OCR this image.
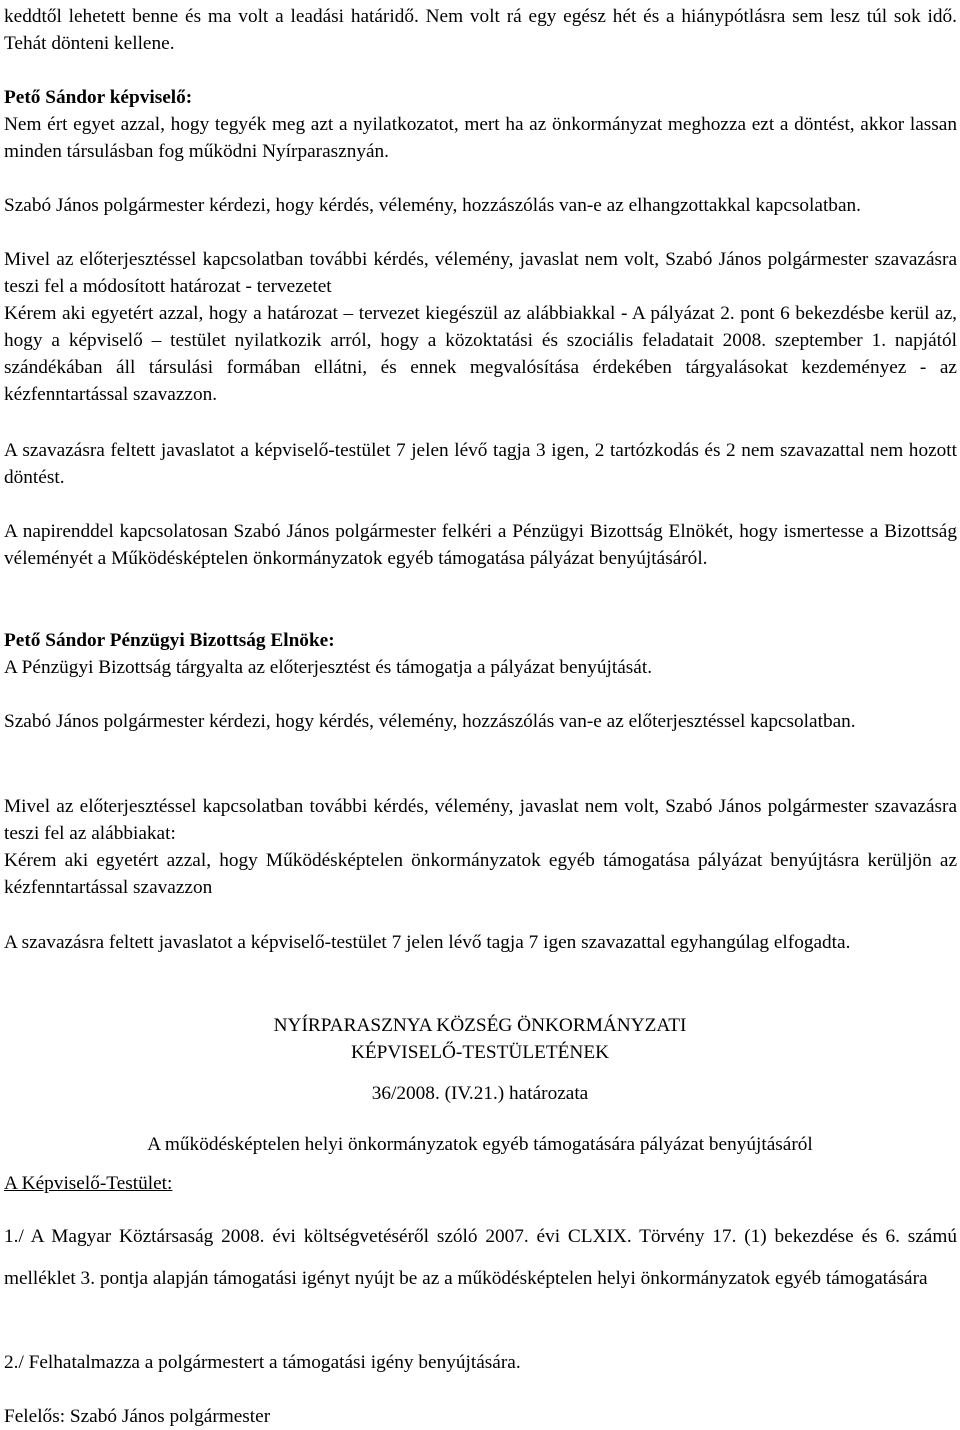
keddtől lehetett benne és ma volt a leadási határidő. Nem volt rá egy egész hét és a hiánypótlásra sem lesz túl sok idő. Tehát dönteni kellene.

Pető Sándor képviselő:
Nem ért egyet azzal, hogy tegyék meg azt a nyilatkozatot, mert ha az önkormányzat meghozza ezt a döntést, akkor lassan minden társulásban fog működni Nyírparasznyán.

Szabó János polgármester kérdezi, hogy kérdés, vélemény, hozzászólás van-e az elhangzottakkal kapcsolatban.

Mivel az előterjesztéssel kapcsolatban további kérdés, vélemény, javaslat nem volt, Szabó János polgármester szavazásra teszi fel a módosított határozat - tervezetet
Kérem aki egyetért azzal, hogy a határozat – tervezet kiegészül az alábbiakkal - A pályázat 2. pont 6 bekezdésbe kerül az, hogy a képviselő – testület nyilatkozik arról, hogy a közoktatási és szociális feladatait 2008. szeptember 1. napjától szándékában áll társulási formában ellátni, és ennek megvalósítása érdekében tárgyalásokat kezdeményez - az kézfenntartással szavazzon.

A szavazásra feltett javaslatot a képviselő-testület 7 jelen lévő tagja 3 igen, 2 tartózkodás és 2 nem szavazattal nem hozott döntést.

A napirenddel kapcsolatosan Szabó János polgármester felkéri a Pénzügyi Bizottság Elnökét, hogy ismertesse a Bizottság véleményét a Működésképtelen önkormányzatok egyéb támogatása pályázat benyújtásáról.

Pető Sándor Pénzügyi Bizottság Elnöke:
A Pénzügyi Bizottság tárgyalta az előterjesztést és támogatja a pályázat benyújtását.

Szabó János polgármester kérdezi, hogy kérdés, vélemény, hozzászólás van-e az előterjesztéssel kapcsolatban.

Mivel az előterjesztéssel kapcsolatban további kérdés, vélemény, javaslat nem volt, Szabó János polgármester szavazásra teszi fel az alábbiakat:
Kérem aki egyetért azzal, hogy Működésképtelen önkormányzatok egyéb támogatása pályázat benyújtásra kerüljön az kézfenntartással szavazzon

A szavazásra feltett javaslatot a képviselő-testület 7 jelen lévő tagja 7 igen szavazattal egyhangúlag elfogadta.

NYÍRPARASZNYA KÖZSÉG ÖNKORMÁNYZATI
KÉPVISELŐ-TESTÜLETÉNEK

36/2008. (IV.21.) határozata

A működésképtelen helyi önkormányzatok egyéb támogatására pályázat benyújtásáról

A Képviselő-Testület:

1./ A Magyar Köztársaság 2008. évi költségvetéséről szóló 2007. évi CLXIX. Törvény 17. (1) bekezdése és 6. számú melléklet 3. pontja alapján támogatási igényt nyújt be az a működésképtelen helyi önkormányzatok egyéb támogatására

2./ Felhatalmazza a polgármestert a támogatási igény benyújtására.

Felelős: Szabó János polgármester
